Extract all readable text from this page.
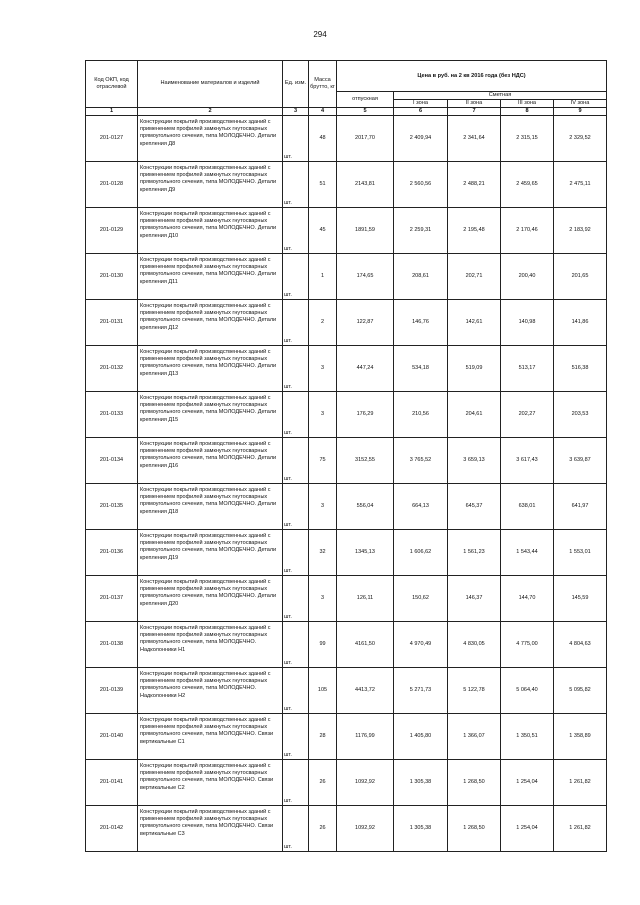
294
Код ОКП, код отраслевой	Наименование материалов и изделий	Ед. изм.	Масса брутто, кг	Цена в руб. на 2 кв 2016 года (без НДС)				
				отпускная	Сметная			
					I зона	II зона	III зона	IV зона
1	2	3	4	5	6	7	8	9
201-0127	Конструкции покрытий производственных зданий с применением профилей замкнутых гнутосварных прямоугольного сечения, типа МОЛОДЕЧНО. Детали крепления Д8	шт.	48	2017,70	2 409,94	2 341,64	2 315,15	2 329,52
201-0128	Конструкции покрытий производственных зданий с применением профилей замкнутых гнутосварных прямоугольного сечения, типа МОЛОДЕЧНО. Детали крепления Д9	шт.	51	2143,81	2 560,56	2 488,21	2 459,65	2 475,11
201-0129	Конструкции покрытий производственных зданий с применением профилей замкнутых гнутосварных прямоугольного сечения, типа МОЛОДЕЧНО. Детали крепления Д10	шт.	45	1891,59	2 259,31	2 195,48	2 170,46	2 183,92
201-0130	Конструкции покрытий производственных зданий с применением профилей замкнутых гнутосварных прямоугольного сечения, типа МОЛОДЕЧНО. Детали крепления Д11	шт.	1	174,65	208,61	202,71	200,40	201,65
201-0131	Конструкции покрытий производственных зданий с применением профилей замкнутых гнутосварных прямоугольного сечения, типа МОЛОДЕЧНО. Детали крепления Д12	шт.	2	122,87	146,76	142,61	140,98	141,86
201-0132	Конструкции покрытий производственных зданий с применением профилей замкнутых гнутосварных прямоугольного сечения, типа МОЛОДЕЧНО. Детали крепления Д13	шт.	3	447,24	534,18	519,09	513,17	516,38
201-0133	Конструкции покрытий производственных зданий с применением профилей замкнутых гнутосварных прямоугольного сечения, типа МОЛОДЕЧНО. Детали крепления Д15	шт.	3	176,29	210,56	204,61	202,27	203,53
201-0134	Конструкции покрытий производственных зданий с применением профилей замкнутых гнутосварных прямоугольного сечения, типа МОЛОДЕЧНО. Детали крепления Д16	шт.	75	3152,55	3 765,52	3 659,13	3 617,43	3 639,87
201-0135	Конструкции покрытий производственных зданий с применением профилей замкнутых гнутосварных прямоугольного сечения, типа МОЛОДЕЧНО. Детали крепления Д18	шт.	3	556,04	664,13	645,37	638,01	641,97
201-0136	Конструкции покрытий производственных зданий с применением профилей замкнутых гнутосварных прямоугольного сечения, типа МОЛОДЕЧНО. Детали крепления Д19	шт.	32	1345,13	1 606,62	1 561,23	1 543,44	1 553,01
201-0137	Конструкции покрытий производственных зданий с применением профилей замкнутых гнутосварных прямоугольного сечения, типа МОЛОДЕЧНО. Детали крепления Д20	шт.	3	126,11	150,62	146,37	144,70	145,59
201-0138	Конструкции покрытий производственных зданий с применением профилей замкнутых гнутосварных прямоугольного сечения, типа МОЛОДЕЧНО. Надколонники Н1	шт.	99	4161,50	4 970,49	4 830,05	4 775,00	4 804,63
201-0139	Конструкции покрытий производственных зданий с применением профилей замкнутых гнутосварных прямоугольного сечения, типа МОЛОДЕЧНО. Надколонники Н2	шт.	105	4413,72	5 271,73	5 122,78	5 064,40	5 095,82
201-0140	Конструкции покрытий производственных зданий с применением профилей замкнутых гнутосварных прямоугольного сечения, типа МОЛОДЕЧНО. Связи вертикальные С1	шт.	28	1176,99	1 405,80	1 366,07	1 350,51	1 358,89
201-0141	Конструкции покрытий производственных зданий с применением профилей замкнутых гнутосварных прямоугольного сечения, типа МОЛОДЕЧНО. Связи вертикальные С2	шт.	26	1092,92	1 305,38	1 268,50	1 254,04	1 261,82
201-0142	Конструкции покрытий производственных зданий с применением профилей замкнутых гнутосварных прямоугольного сечения, типа МОЛОДЕЧНО. Связи вертикальные С3	шт.	26	1092,92	1 305,38	1 268,50	1 254,04	1 261,82
